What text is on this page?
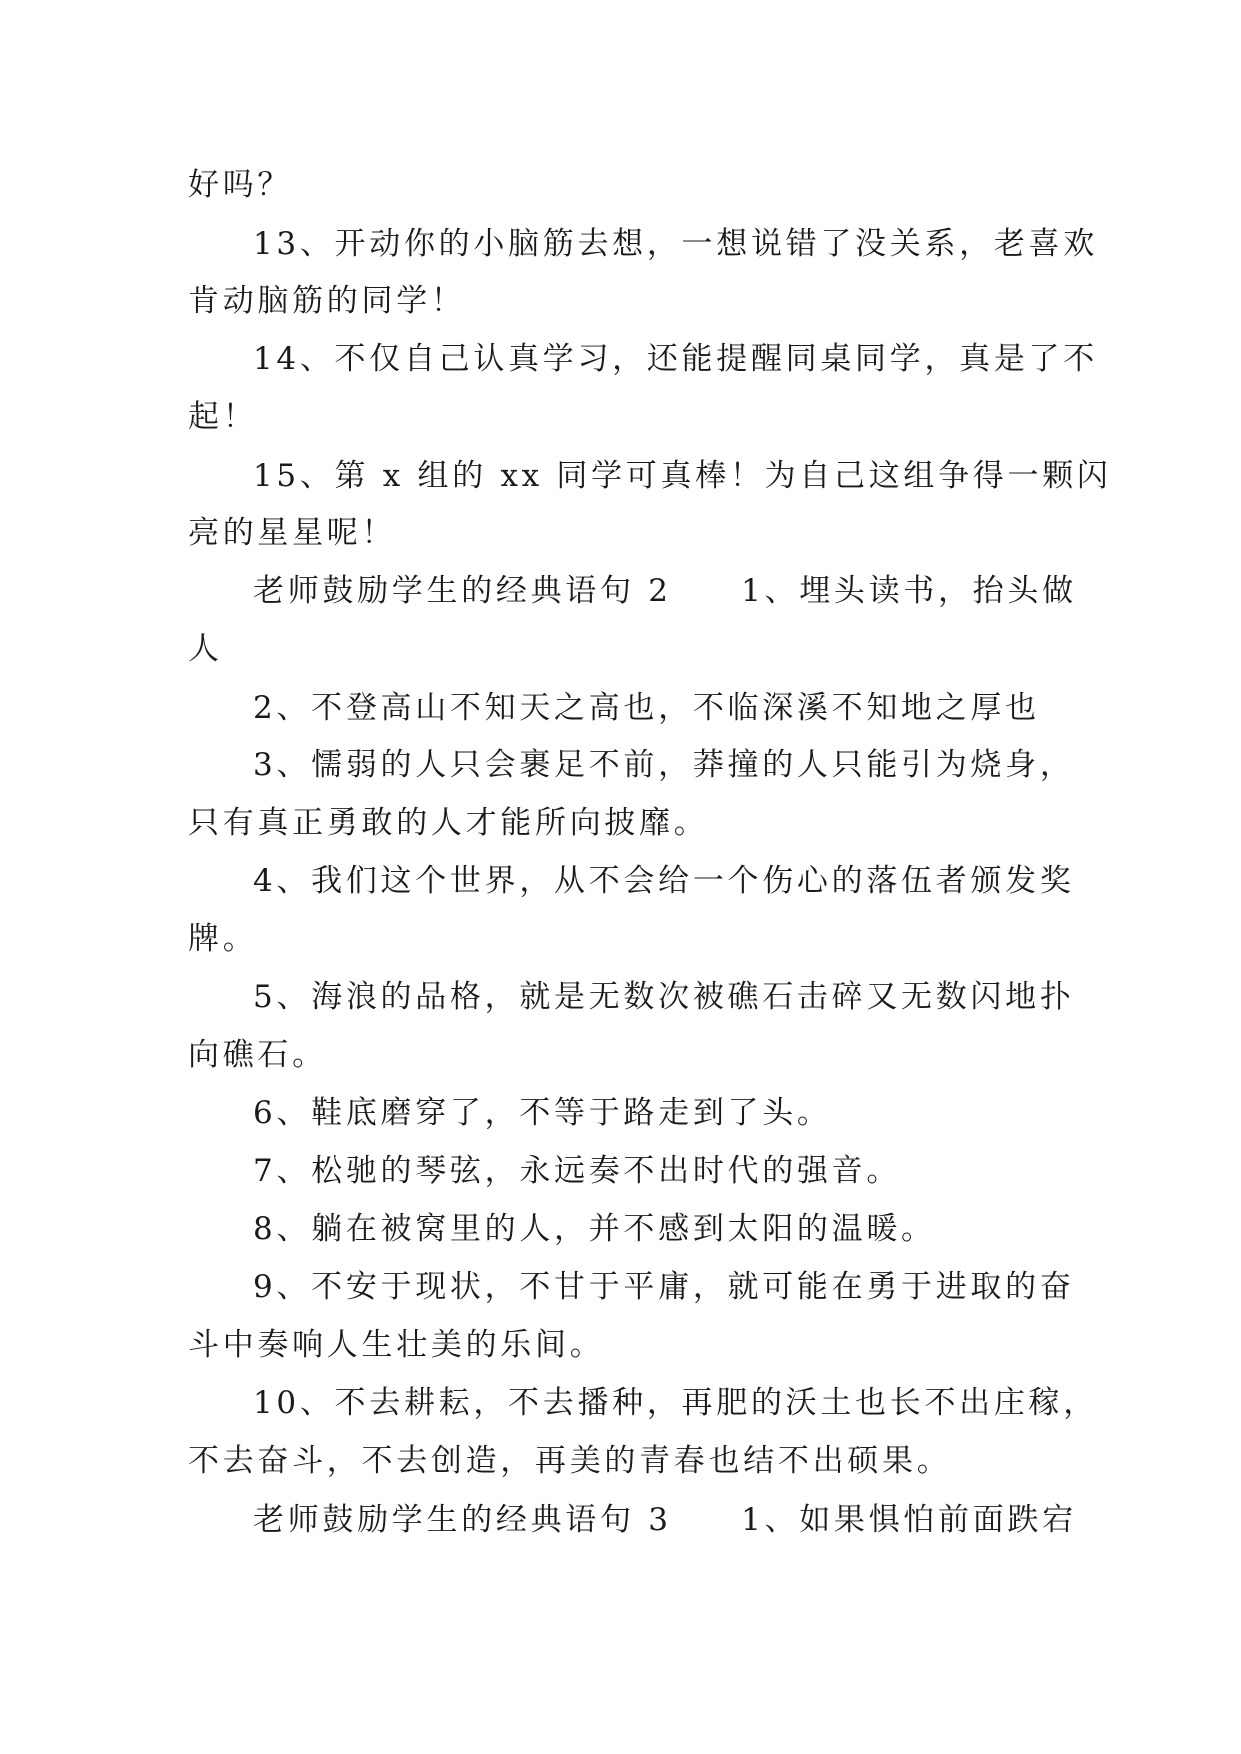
好吗？
13、开动你的小脑筋去想，一想说错了没关系，老喜欢
肯动脑筋的同学！
14、不仅自己认真学习，还能提醒同桌同学，真是了不
起！
15、第 x 组的 xx 同学可真棒！为自己这组争得一颗闪
亮的星星呢！
老师鼓励学生的经典语句 2　　1、埋头读书，抬头做
人
2、不登高山不知天之高也，不临深溪不知地之厚也
3、懦弱的人只会裹足不前，莽撞的人只能引为烧身，
只有真正勇敢的人才能所向披靡。
4、我们这个世界，从不会给一个伤心的落伍者颁发奖
牌。
5、海浪的品格，就是无数次被礁石击碎又无数闪地扑
向礁石。
6、鞋底磨穿了，不等于路走到了头。
7、松驰的琴弦，永远奏不出时代的强音。
8、躺在被窝里的人，并不感到太阳的温暖。
9、不安于现状，不甘于平庸，就可能在勇于进取的奋
斗中奏响人生壮美的乐间。
10、不去耕耘，不去播种，再肥的沃土也长不出庄稼，
不去奋斗，不去创造，再美的青春也结不出硕果。
老师鼓励学生的经典语句 3　　1、如果惧怕前面跌宕
